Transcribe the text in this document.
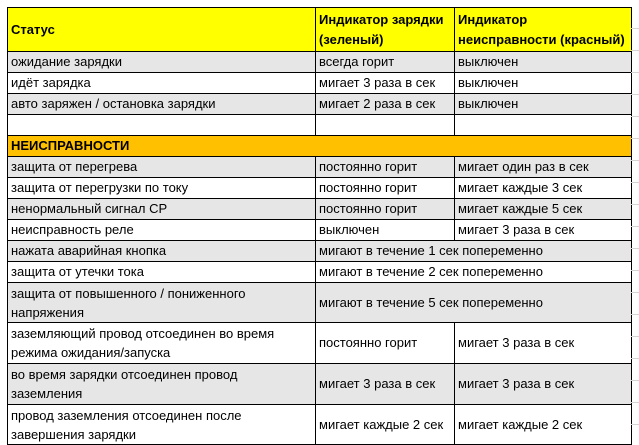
Статус	Индикатор зарядки (зеленый)	Индикатор неисправности (красный)
ожидание зарядки	всегда горит	выключен
идёт зарядка	мигает 3 раза в сек	выключен
авто заряжен / остановка зарядки	мигает 2 раза в сек	выключен

НЕИСПРАВНОСТИ		
защита от перегрева	постоянно горит	мигает один раз в сек
защита от перегрузки по току	постоянно горит	мигает каждые 3 сек
ненормальный сигнал CP	постоянно горит	мигает каждые 5 сек
неисправность реле	выключен	мигает 3 раза в сек
нажата аварийная кнопка	мигают в течение 1 сек попеременно	
защита от утечки тока	мигают в течение 2 сек попеременно	
защита от повышенного / пониженного напряжения	мигают в течение 5 сек попеременно	
заземляющий провод отсоединен во время режима ожидания/запуска	постоянно горит	мигает 3 раза в сек
во время зарядки отсоединен провод заземления	мигает 3 раза в сек	мигает 3 раза в сек
провод заземления отсоединен после завершения зарядки	мигает каждые 2 сек	мигает каждые 2 сек
